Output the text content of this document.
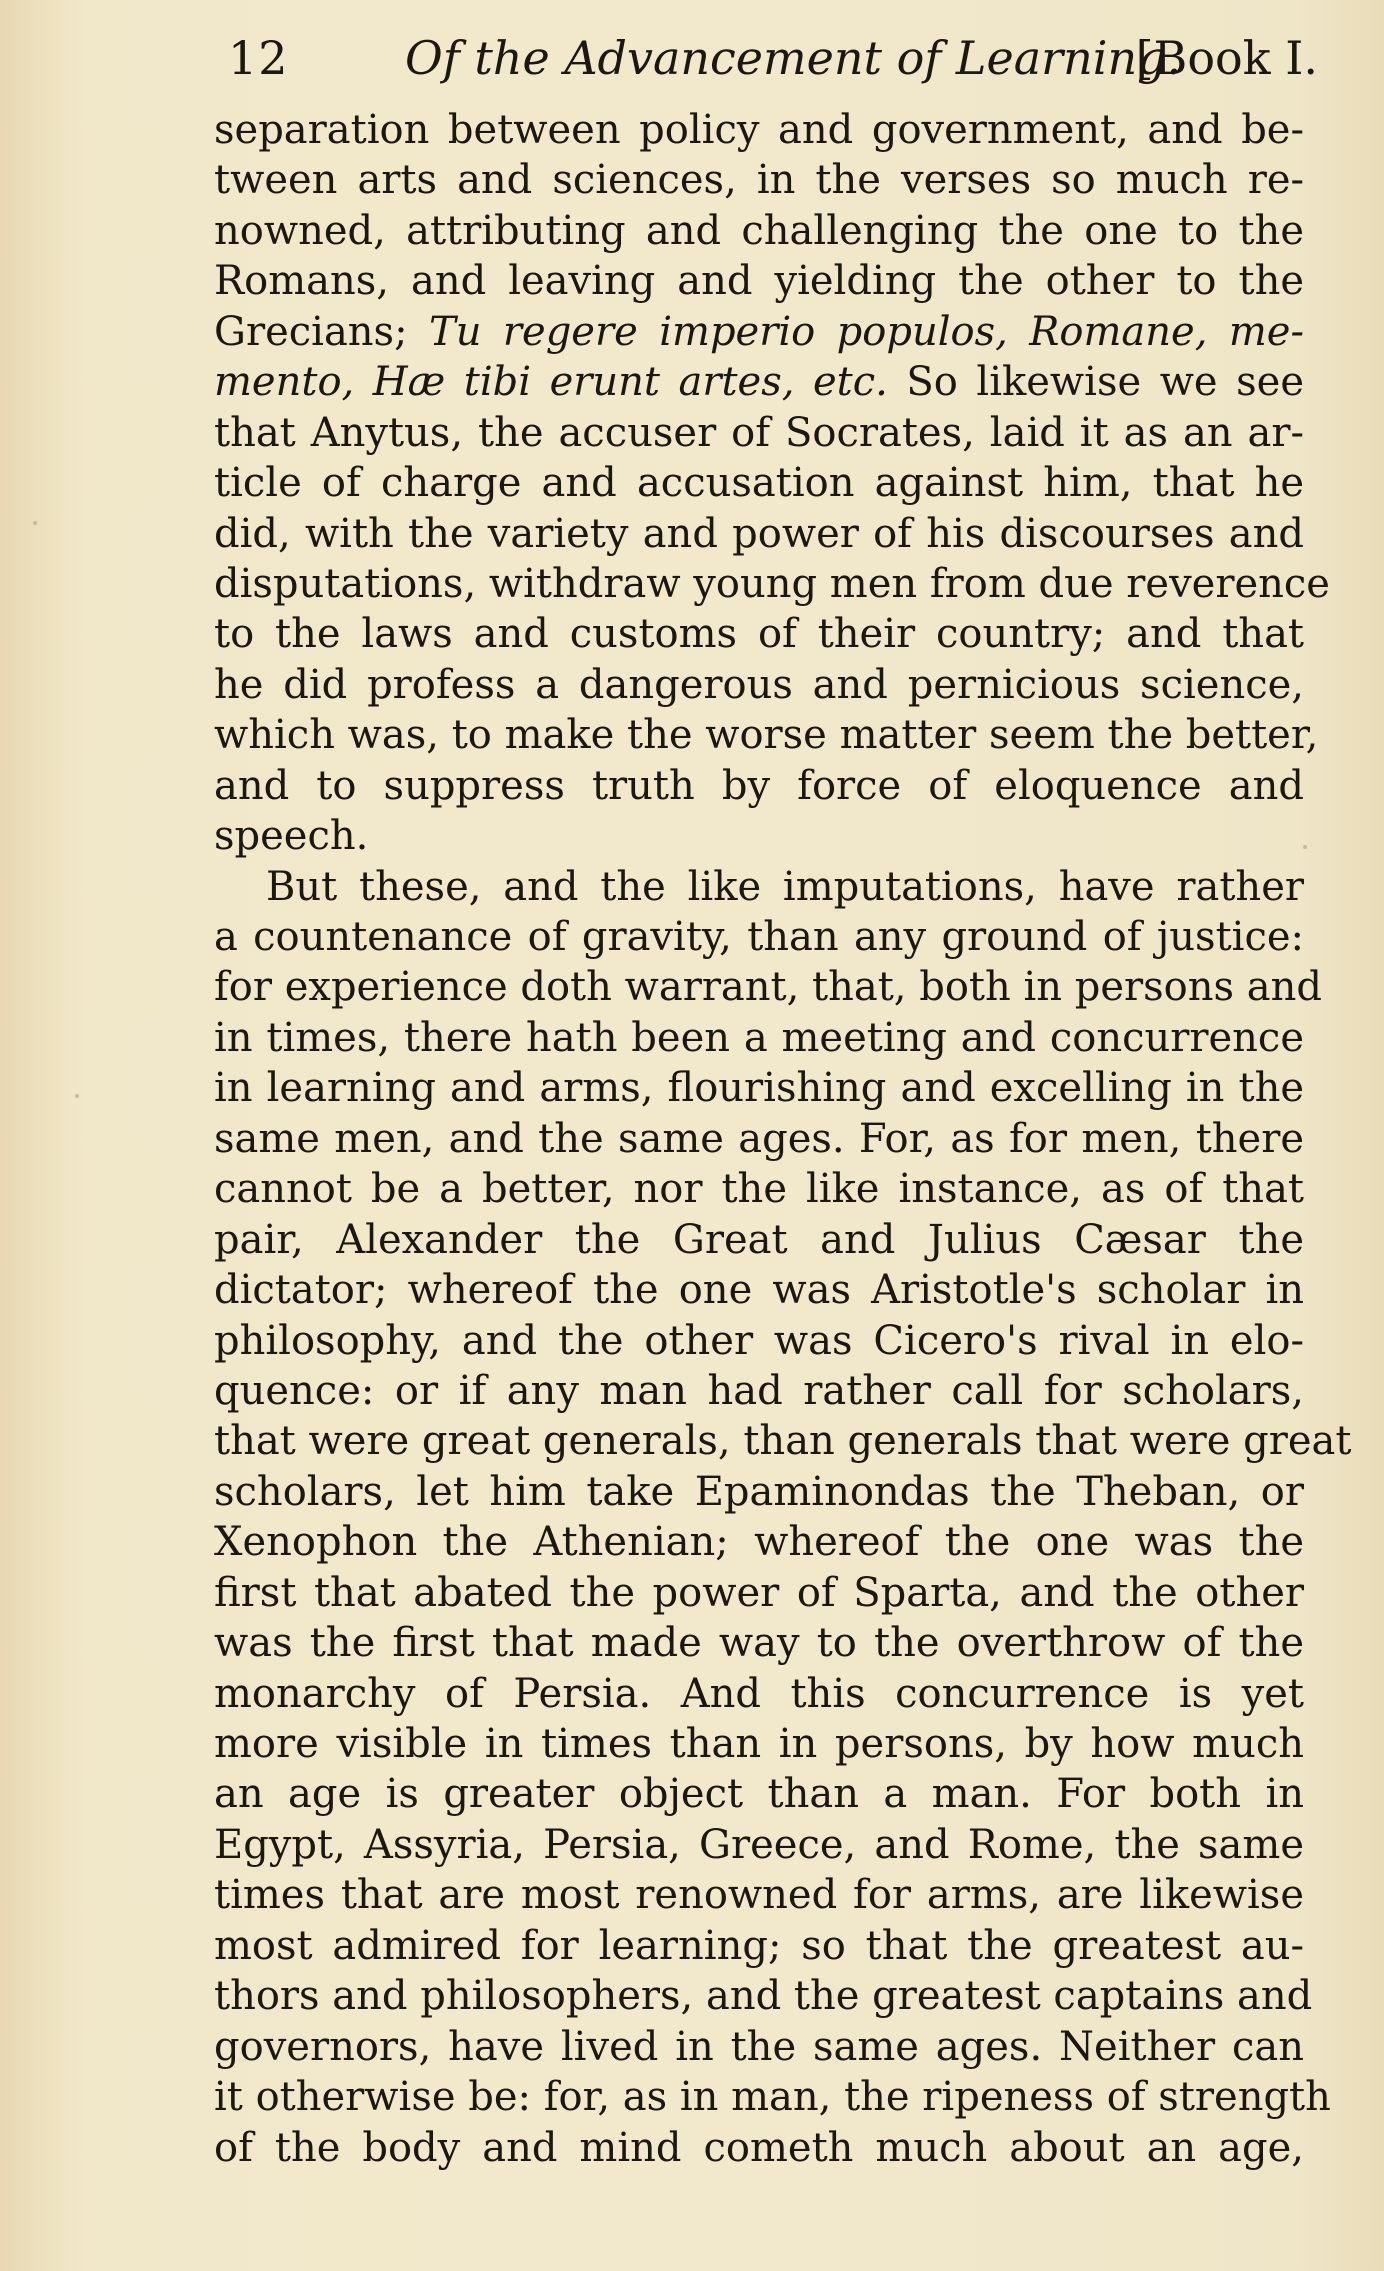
12	Of the Advancement of Learning.
[Book I.
separation between policy and government, and be-
tween arts and sciences, in the verses so much re-
nowned, attributing and challenging the one to the
Romans, and leaving and yielding the other to the
Grecians; Tu regere imperio populos, Romane, me-
mento, Hæ tibi erunt artes, etc. So likewise we see
that Anytus, the accuser of Socrates, laid it as an ar-
ticle of charge and accusation against him, that he
did, with the variety and power of his discourses and
disputations, withdraw young men from due reverence
to the laws and customs of their country; and that
he did profess a dangerous and pernicious science,
which was, to make the worse matter seem the better,
and to suppress truth by force of eloquence and
speech.
But these, and the like imputations, have rather
a countenance of gravity, than any ground of justice:
for experience doth warrant, that, both in persons and
in times, there hath been a meeting and concurrence
in learning and arms, flourishing and excelling in the
same men, and the same ages. For, as for men, there
cannot be a better, nor the like instance, as of that
pair, Alexander the Great and Julius Cæsar the
dictator; whereof the one was Aristotle's scholar in
philosophy, and the other was Cicero's rival in elo-
quence: or if any man had rather call for scholars,
that were great generals, than generals that were great
scholars, let him take Epaminondas the Theban, or
Xenophon the Athenian; whereof the one was the
first that abated the power of Sparta, and the other
was the first that made way to the overthrow of the
monarchy of Persia. And this concurrence is yet
more visible in times than in persons, by how much
an age is greater object than a man. For both in
Egypt, Assyria, Persia, Greece, and Rome, the same
times that are most renowned for arms, are likewise
most admired for learning; so that the greatest au-
thors and philosophers, and the greatest captains and
governors, have lived in the same ages. Neither can
it otherwise be: for, as in man, the ripeness of strength
of the body and mind cometh much about an age,
